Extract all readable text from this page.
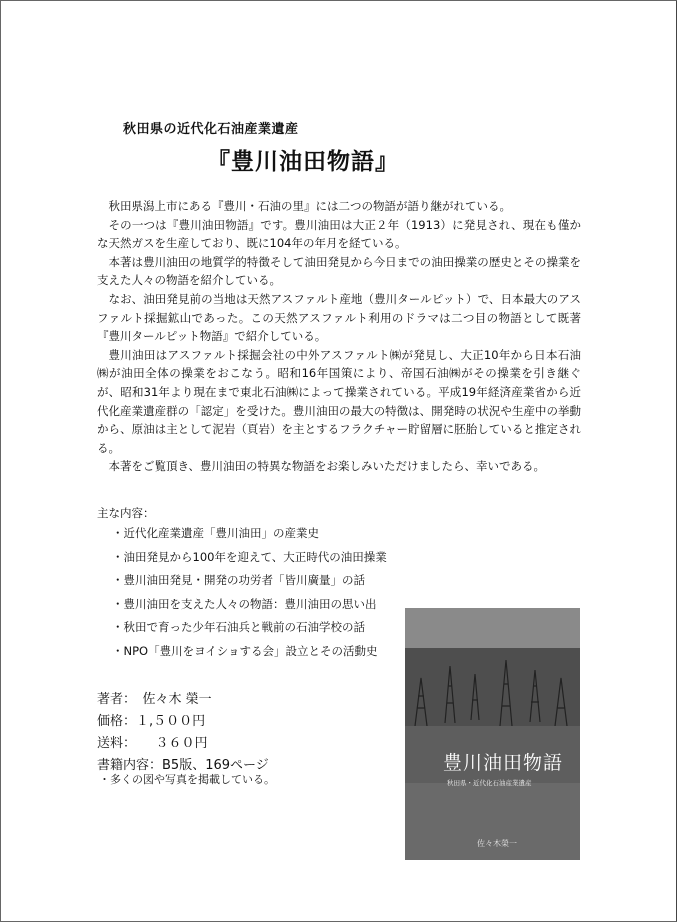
秋田県の近代化石油産業遺産
『豊川油田物語』

秋田県潟上市にある『豊川・石油の里』には二つの物語が語り継がれている。

その一つは『豊川油田物語』です。豊川油田は大正２年（1913）に発見され、現在も僅かな天然ガスを生産しており、既に104年の年月を経ている。

本著は豊川油田の地質学的特徴そして油田発見から今日までの油田操業の歴史とその操業を支えた人々の物語を紹介している。

なお、油田発見前の当地は天然アスファルト産地（豊川タールピット）で、日本最大のアスファルト採掘鉱山であった。この天然アスファルト利用のドラマは二つ目の物語として既著『豊川タールピット物語』で紹介している。

豊川油田はアスファルト採掘会社の中外アスファルト㈱が発見し、大正10年から日本石油㈱が油田全体の操業をおこなう。昭和16年国策により、帝国石油㈱がその操業を引き継ぐが、昭和31年より現在まで東北石油㈱によって操業されている。平成19年経済産業省から近代化産業遺産群の「認定」を受けた。豊川油田の最大の特徴は、開発時の状況や生産中の挙動から、原油は主として泥岩（頁岩）を主とするフラクチャー貯留層に胚胎していると推定される。

本著をご覧頂き、豊川油田の特異な物語をお楽しみいただけましたら、幸いである。

主な内容：
・近代化産業遺産「豊川油田」の産業史
・油田発見から100年を迎えて、大正時代の油田操業
・豊川油田発見・開発の功労者「皆川廣量」の話
・豊川油田を支えた人々の物語：豊川油田の思い出
・秋田で育った少年石油兵と戦前の石油学校の話
・NPO「豊川をヨイショする会」設立とその活動史
著者：　佐々木 榮一
価格：１,５００円
送料：　　３６０円
書籍内容：B5版、169ページ
・多くの図や写真を掲載している。
豊川油田物語
秋田県・近代化石油産業遺産
佐々木榮一
